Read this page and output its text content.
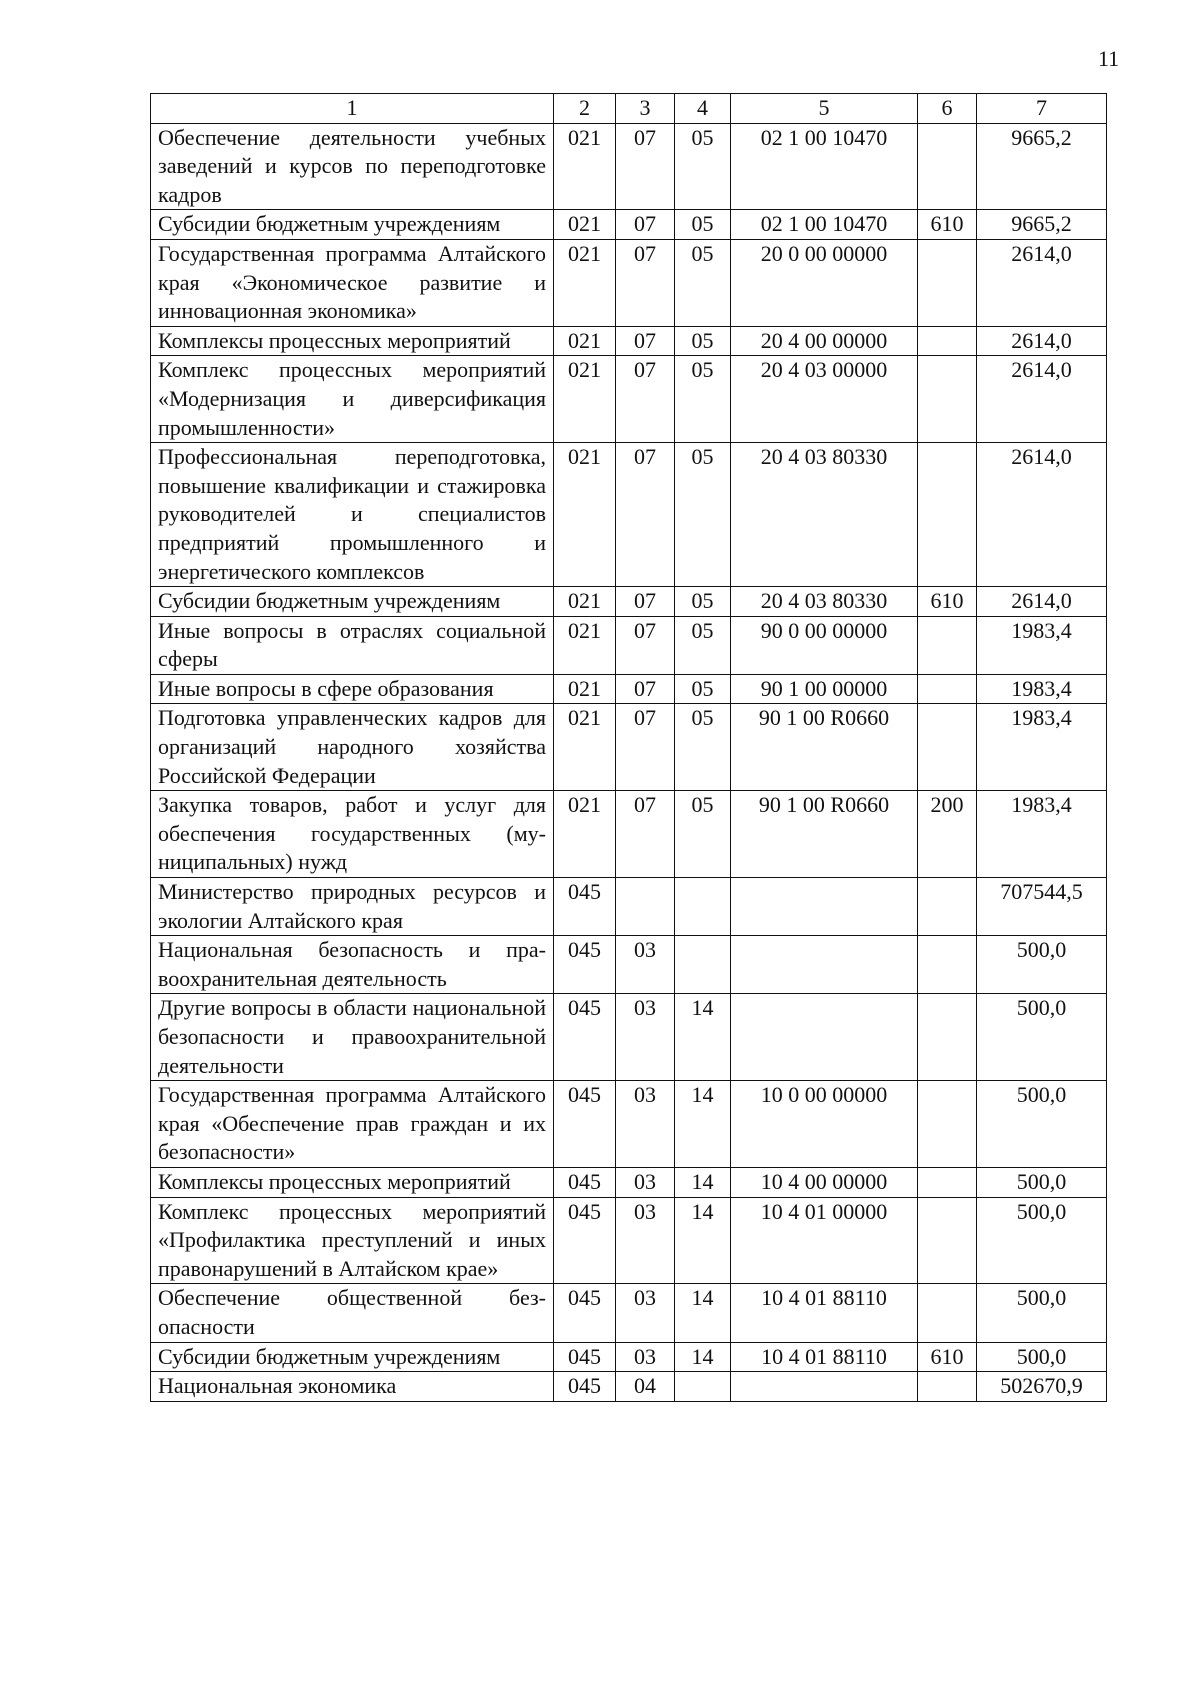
11
1	2	3	4	5	6	7
Обеспечение деятельности учебных заведений и курсов по переподготовке кадров	021	07	05	02 1 00 10470		9665,2
Субсидии бюджетным учреждениям	021	07	05	02 1 00 10470	610	9665,2
Государственная программа Алтайского края «Экономическое развитие и инновационная экономика»	021	07	05	20 0 00 00000		2614,0
Комплексы процессных мероприятий	021	07	05	20 4 00 00000		2614,0
Комплекс процессных мероприятий «Модернизация и диверсификация промышленности»	021	07	05	20 4 03 00000		2614,0
Профессиональная переподготовка, повышение квалификации и стажировка руководителей и специалистов предприятий промышленного и энергетического комплексов	021	07	05	20 4 03 80330		2614,0
Субсидии бюджетным учреждениям	021	07	05	20 4 03 80330	610	2614,0
Иные вопросы в отраслях социальной сферы	021	07	05	90 0 00 00000		1983,4
Иные вопросы в сфере образования	021	07	05	90 1 00 00000		1983,4
Подготовка управленческих кадров для организаций народного хозяйства Российской Федерации	021	07	05	90 1 00 R0660		1983,4
Закупка товаров, работ и услуг для обеспечения государственных (муниципальных) нужд	021	07	05	90 1 00 R0660	200	1983,4
Министерство природных ресурсов и экологии Алтайского края	045					707544,5
Национальная безопасность и правоохранительная деятельность	045	03				500,0
Другие вопросы в области национальной безопасности и правоохранительной деятельности	045	03	14			500,0
Государственная программа Алтайского края «Обеспечение прав граждан и их безопасности»	045	03	14	10 0 00 00000		500,0
Комплексы процессных мероприятий	045	03	14	10 4 00 00000		500,0
Комплекс процессных мероприятий «Профилактика преступлений и иных правонарушений в Алтайском крае»	045	03	14	10 4 01 00000		500,0
Обеспечение общественной безопасности	045	03	14	10 4 01 88110		500,0
Субсидии бюджетным учреждениям	045	03	14	10 4 01 88110	610	500,0
Национальная экономика	045	04				502670,9
